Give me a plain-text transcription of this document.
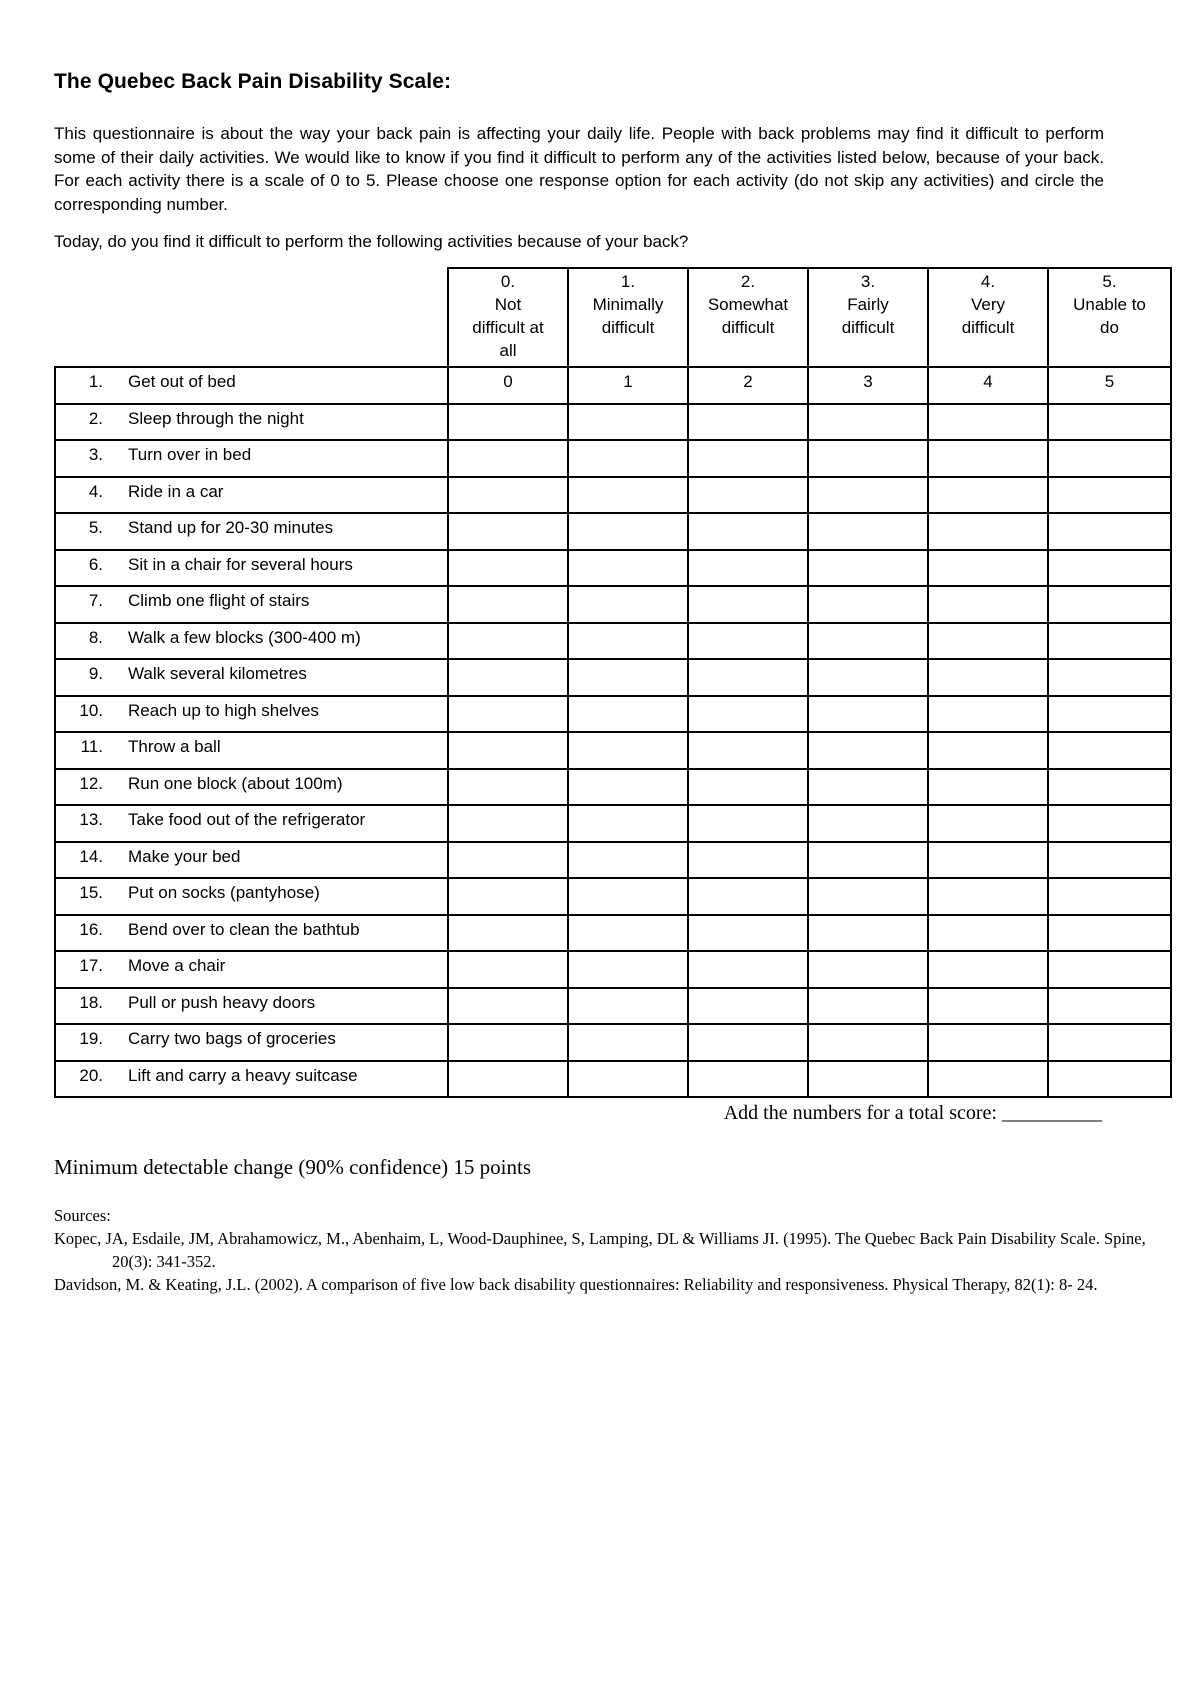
The Quebec Back Pain Disability Scale:
This questionnaire is about the way your back pain is affecting your daily life. People with back problems may find it difficult to perform some of their daily activities. We would like to know if you find it difficult to perform any of the activities listed below, because of your back. For each activity there is a scale of 0 to 5. Please choose one response option for each activity (do not skip any activities) and circle the corresponding number.
Today, do you find it difficult to perform the following activities because of your back?

		0.
Not
difficult at
all	1.
Minimally
difficult	2.
Somewhat
difficult	3.
Fairly
difficult	4.
Very
difficult	5.
Unable to
do

1.	Get out of bed	0	1	2	3	4	5
2.	Sleep through the night						
3.	Turn over in bed						
4.	Ride in a car						
5.	Stand up for 20-30 minutes						
6.	Sit in a chair for several hours						
7.	Climb one flight of stairs						
8.	Walk a few blocks (300-400 m)						
9.	Walk several kilometres						
10.	Reach up to high shelves						
11.	Throw a ball						
12.	Run one block (about 100m)						
13.	Take food out of the refrigerator						
14.	Make your bed						
15.	Put on socks (pantyhose)						
16.	Bend over to clean the bathtub						
17.	Move a chair						
18.	Pull or push heavy doors						
19.	Carry two bags of groceries						
20.	Lift and carry a heavy suitcase						
Add the numbers for a total score: __________
Minimum detectable change (90% confidence) 15 points
Sources:
Kopec, JA, Esdaile, JM, Abrahamowicz, M., Abenhaim, L, Wood-Dauphinee, S, Lamping, DL & Williams JI. (1995). The Quebec Back Pain Disability Scale. Spine, 20(3): 341-352.
Davidson, M. & Keating, J.L. (2002). A comparison of five low back disability questionnaires: Reliability and responsiveness. Physical Therapy, 82(1): 8- 24.
